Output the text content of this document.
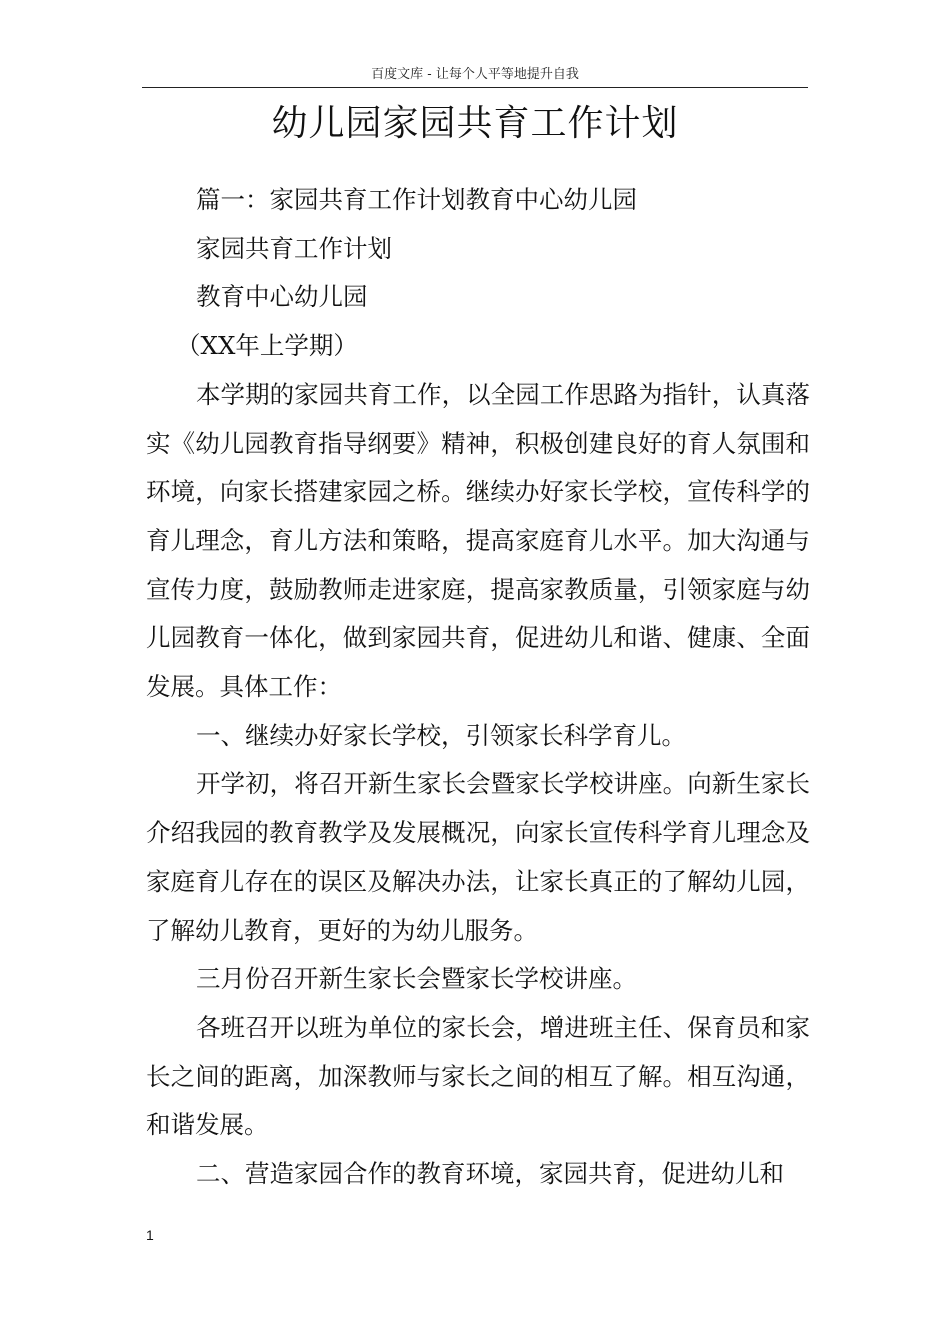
百度文库 - 让每个人平等地提升自我
幼儿园家园共育工作计划

篇一：家园共育工作计划教育中心幼儿园

家园共育工作计划

教育中心幼儿园

（XX年上学期）

本学期的家园共育工作，以全园工作思路为指针，认真落实《幼儿园教育指导纲要》精神，积极创建良好的育人氛围和环境，向家长搭建家园之桥。继续办好家长学校，宣传科学的育儿理念，育儿方法和策略，提高家庭育儿水平。加大沟通与宣传力度，鼓励教师走进家庭，提高家教质量，引领家庭与幼儿园教育一体化，做到家园共育，促进幼儿和谐、健康、全面发展。具体工作：

一、继续办好家长学校，引领家长科学育儿。

开学初，将召开新生家长会暨家长学校讲座。向新生家长介绍我园的教育教学及发展概况，向家长宣传科学育儿理念及家庭育儿存在的误区及解决办法，让家长真正的了解幼儿园，了解幼儿教育，更好的为幼儿服务。

三月份召开新生家长会暨家长学校讲座。

各班召开以班为单位的家长会，增进班主任、保育员和家长之间的距离，加深教师与家长之间的相互了解。相互沟通，和谐发展。

二、营造家园合作的教育环境，家园共育，促进幼儿和

1
